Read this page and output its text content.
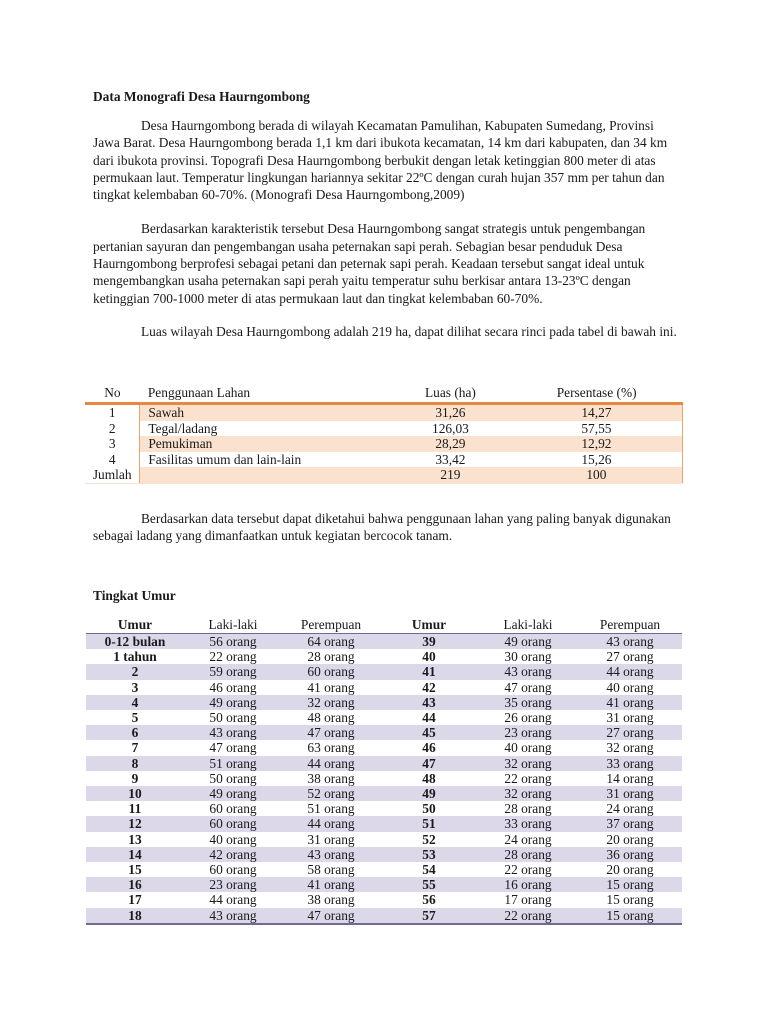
Data Monografi Desa Haurngombong

Desa Haurngombong berada di wilayah Kecamatan Pamulihan, Kabupaten Sumedang, Provinsi Jawa Barat. Desa Haurngombong berada 1,1 km dari ibukota kecamatan, 14 km dari kabupaten, dan 34 km dari ibukota provinsi. Topografi Desa Haurngombong berbukit dengan letak ketinggian 800 meter di atas permukaan laut. Temperatur lingkungan hariannya sekitar 22ºC dengan curah hujan 357 mm per tahun dan tingkat kelembaban 60-70%. (Monografi Desa Haurngombong,2009)

Berdasarkan karakteristik tersebut Desa Haurngombong sangat strategis untuk pengembangan pertanian sayuran dan pengembangan usaha peternakan sapi perah. Sebagian besar penduduk Desa Haurngombong berprofesi sebagai petani dan peternak sapi perah. Keadaan tersebut sangat ideal untuk mengembangkan usaha peternakan sapi perah yaitu temperatur suhu berkisar antara 13-23ºC dengan ketinggian 700-1000 meter di atas permukaan laut dan tingkat kelembaban 60-70%.

Luas wilayah Desa Haurngombong adalah 219 ha, dapat dilihat secara rinci pada tabel di bawah ini.

No	Penggunaan Lahan	Luas (ha)	Persentase (%)
1	Sawah	31,26	14,27
2	Tegal/ladang	126,03	57,55
3	Pemukiman	28,29	12,92
4	Fasilitas umum dan lain-lain	33,42	15,26
Jumlah		219	100

Berdasarkan data tersebut dapat diketahui bahwa penggunaan lahan yang paling banyak digunakan sebagai ladang yang dimanfaatkan untuk kegiatan bercocok tanam.

Tingkat Umur
Umur	Laki-laki	Perempuan	Umur	Laki-laki	Perempuan
0-12 bulan	56 orang	64 orang	39	49 orang	43 orang
1 tahun	22 orang	28 orang	40	30 orang	27 orang
2	59 orang	60 orang	41	43 orang	44 orang
3	46 orang	41 orang	42	47 orang	40 orang
4	49 orang	32 orang	43	35 orang	41 orang
5	50 orang	48 orang	44	26 orang	31 orang
6	43 orang	47 orang	45	23 orang	27 orang
7	47 orang	63 orang	46	40 orang	32 orang
8	51 orang	44 orang	47	32 orang	33 orang
9	50 orang	38 orang	48	22 orang	14 orang
10	49 orang	52 orang	49	32 orang	31 orang
11	60 orang	51 orang	50	28 orang	24 orang
12	60 orang	44 orang	51	33 orang	37 orang
13	40 orang	31 orang	52	24 orang	20 orang
14	42 orang	43 orang	53	28 orang	36 orang
15	60 orang	58 orang	54	22 orang	20 orang
16	23 orang	41 orang	55	16 orang	15 orang
17	44 orang	38 orang	56	17 orang	15 orang
18	43 orang	47 orang	57	22 orang	15 orang
